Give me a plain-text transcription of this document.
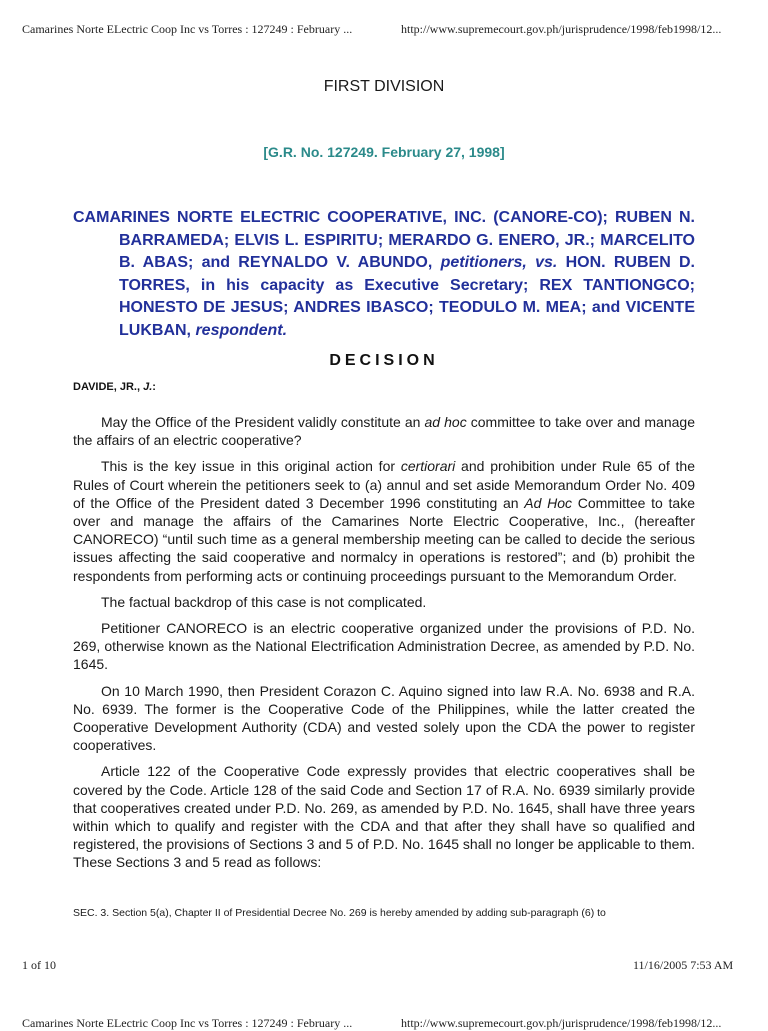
Camarines Norte ELectric Coop Inc vs Torres : 127249 : February ...	http://www.supremecourt.gov.ph/jurisprudence/1998/feb1998/12...
FIRST DIVISION
[G.R. No. 127249. February 27, 1998]
CAMARINES NORTE ELECTRIC COOPERATIVE, INC. (CANORE-CO); RUBEN N. BARRAMEDA; ELVIS L. ESPIRITU; MERARDO G. ENERO, JR.; MARCELITO B. ABAS; and REYNALDO V. ABUNDO, petitioners, vs. HON. RUBEN D. TORRES, in his capacity as Executive Secretary; REX TANTIONGCO; HONESTO DE JESUS; ANDRES IBASCO; TEODULO M. MEA; and VICENTE LUKBAN, respondent.
DECISION
DAVIDE, JR., J.:

May the Office of the President validly constitute an ad hoc committee to take over and manage the affairs of an electric cooperative?

This is the key issue in this original action for certiorari and prohibition under Rule 65 of the Rules of Court wherein the petitioners seek to (a) annul and set aside Memorandum Order No. 409 of the Office of the President dated 3 December 1996 constituting an Ad Hoc Committee to take over and manage the affairs of the Camarines Norte Electric Cooperative, Inc., (hereafter CANORECO) “until such time as a general membership meeting can be called to decide the serious issues affecting the said cooperative and normalcy in operations is restored”; and (b) prohibit the respondents from performing acts or continuing proceedings pursuant to the Memorandum Order.

The factual backdrop of this case is not complicated.

Petitioner CANORECO is an electric cooperative organized under the provisions of P.D. No. 269, otherwise known as the National Electrification Administration Decree, as amended by P.D. No. 1645.

On 10 March 1990, then President Corazon C. Aquino signed into law R.A. No. 6938 and R.A. No. 6939. The former is the Cooperative Code of the Philippines, while the latter created the Cooperative Development Authority (CDA) and vested solely upon the CDA the power to register cooperatives.

Article 122 of the Cooperative Code expressly provides that electric cooperatives shall be covered by the Code. Article 128 of the said Code and Section 17 of R.A. No. 6939 similarly provide that cooperatives created under P.D. No. 269, as amended by P.D. No. 1645, shall have three years within which to qualify and register with the CDA and that after they shall have so qualified and registered, the provisions of Sections 3 and 5 of P.D. No. 1645 shall no longer be applicable to them. These Sections 3 and 5 read as follows:

SEC. 3. Section 5(a), Chapter II of Presidential Decree No. 269 is hereby amended by adding sub-paragraph (6) to
1 of 10	11/16/2005 7:53 AM
Camarines Norte ELectric Coop Inc vs Torres : 127249 : February ...	http://www.supremecourt.gov.ph/jurisprudence/1998/feb1998/12...
